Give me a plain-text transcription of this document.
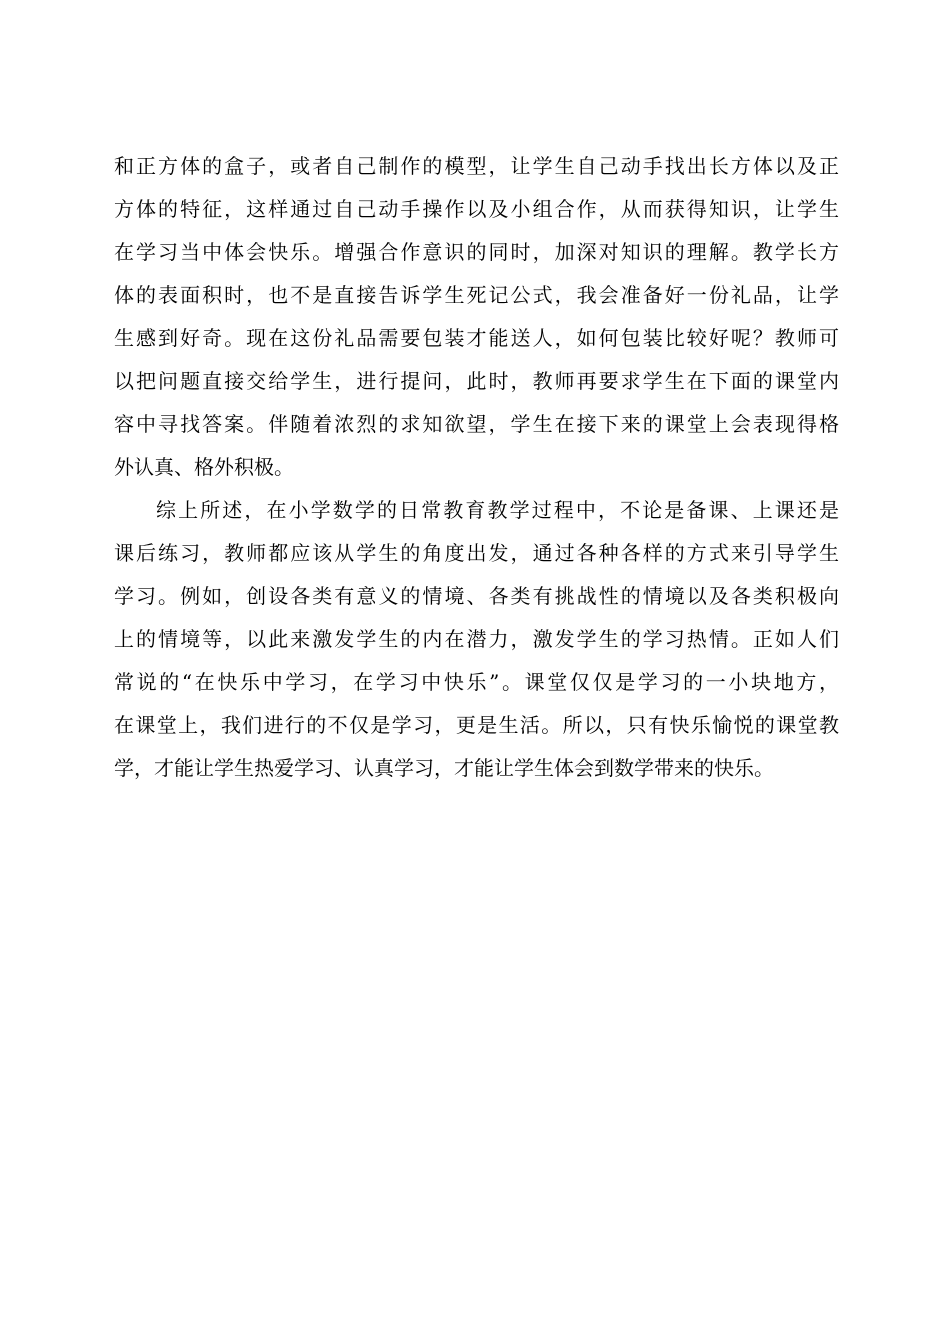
和正方体的盒子，或者自己制作的模型，让学生自己动手找出长方体以及正
方体的特征，这样通过自己动手操作以及小组合作，从而获得知识，让学生
在学习当中体会快乐。增强合作意识的同时，加深对知识的理解。教学长方
体的表面积时，也不是直接告诉学生死记公式，我会准备好一份礼品，让学
生感到好奇。现在这份礼品需要包装才能送人，如何包装比较好呢？教师可
以把问题直接交给学生，进行提问，此时，教师再要求学生在下面的课堂内
容中寻找答案。伴随着浓烈的求知欲望，学生在接下来的课堂上会表现得格
外认真、格外积极。
综上所述，在小学数学的日常教育教学过程中，不论是备课、上课还是
课后练习，教师都应该从学生的角度出发，通过各种各样的方式来引导学生
学习。例如，创设各类有意义的情境、各类有挑战性的情境以及各类积极向
上的情境等，以此来激发学生的内在潜力，激发学生的学习热情。正如人们
常说的“在快乐中学习，在学习中快乐”。课堂仅仅是学习的一小块地方，
在课堂上，我们进行的不仅是学习，更是生活。所以，只有快乐愉悦的课堂教
学，才能让学生热爱学习、认真学习，才能让学生体会到数学带来的快乐。
